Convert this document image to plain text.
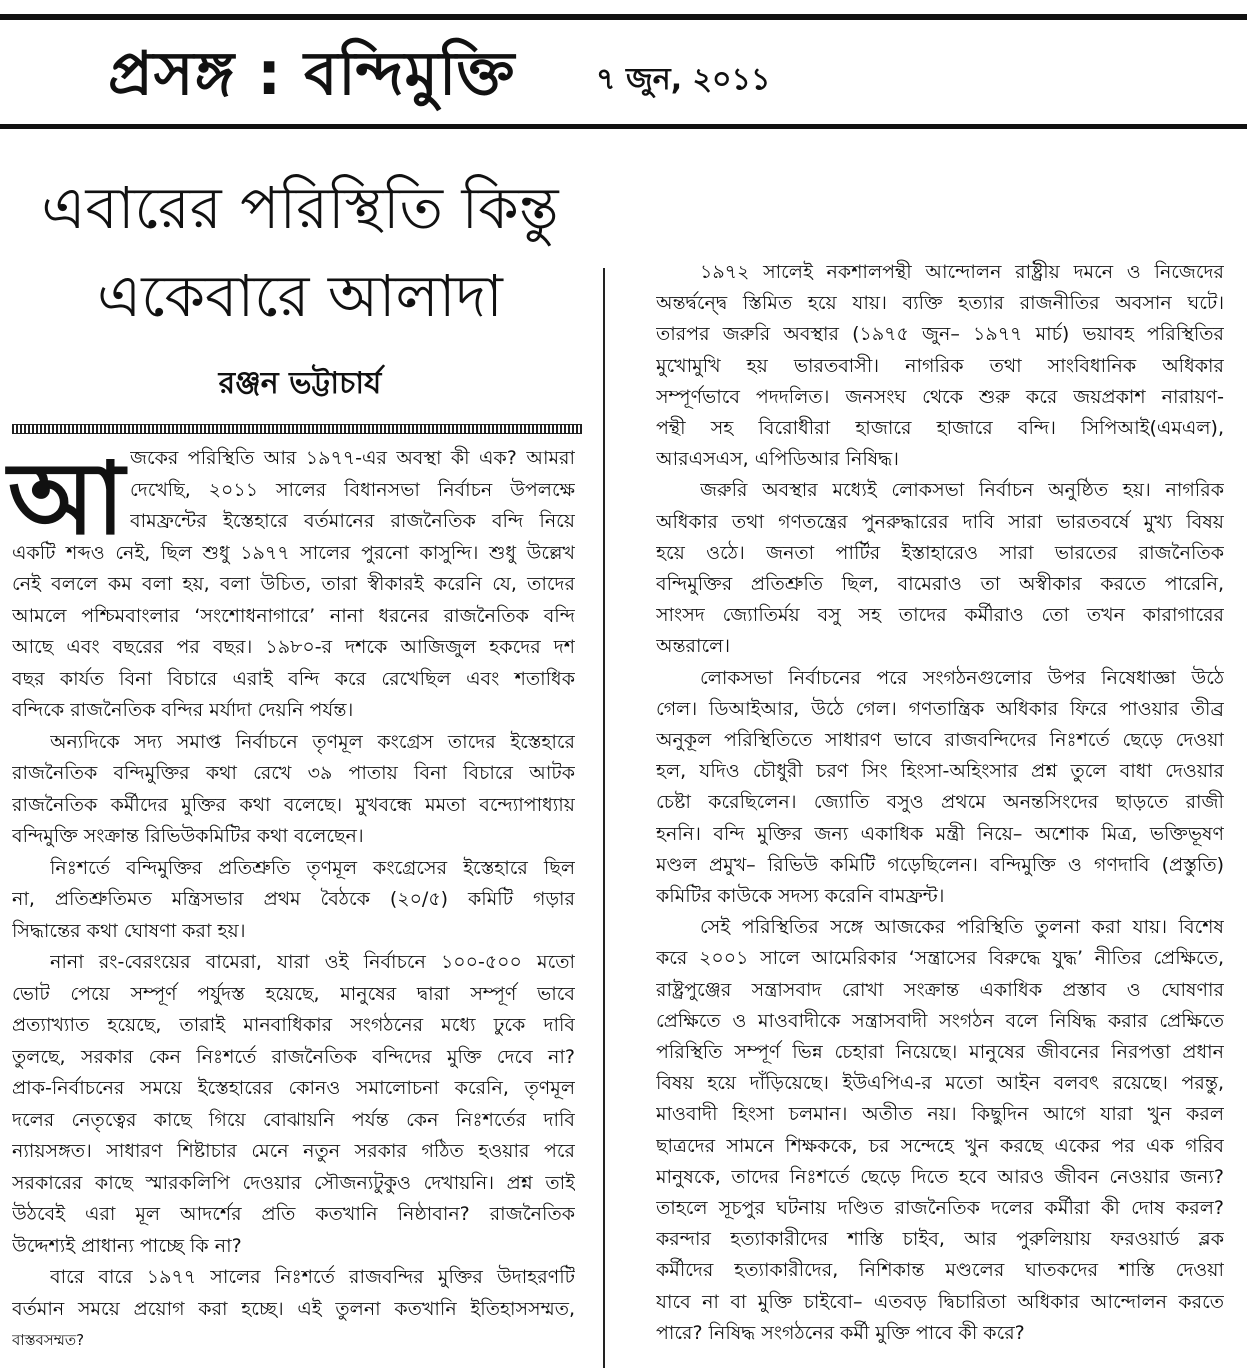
প্রসঙ্গ : বন্দিমুক্তি	৭ জুন, ২০১১
এবারের পরিস্থিতি কিন্তু
একেবারে আলাদা
রঞ্জন ভট্টাচার্য
আ জকের পরিস্থিতি আর ১৯৭৭-এর অবস্থা কী এক? আমরা

দেখেছি, ২০১১ সালের বিধানসভা নির্বাচন উপলক্ষে

বামফ্রন্টের ইস্তেহারে বর্তমানের রাজনৈতিক বন্দি নিয়ে

একটি শব্দও নেই, ছিল শুধু ১৯৭৭ সালের পুরনো কাসুন্দি। শুধু উল্লেখ

নেই বললে কম বলা হয়, বলা উচিত, তারা স্বীকারই করেনি যে, তাদের

আমলে পশ্চিমবাংলার ‘সংশোধনাগারে’ নানা ধরনের রাজনৈতিক বন্দি

আছে এবং বছরের পর বছর। ১৯৮০-র দশকে আজিজুল হকদের দশ

বছর কার্যত বিনা বিচারে এরাই বন্দি করে রেখেছিল এবং শতাধিক

বন্দিকে রাজনৈতিক বন্দির মর্যাদা দেয়নি পর্যন্ত।

অন্যদিকে সদ্য সমাপ্ত নির্বাচনে তৃণমূল কংগ্রেস তাদের ইস্তেহারে

রাজনৈতিক বন্দিমুক্তির কথা রেখে ৩৯ পাতায় বিনা বিচারে আটক

রাজনৈতিক কর্মীদের মুক্তির কথা বলেছে। মুখবন্ধে মমতা বন্দ্যোপাধ্যায়

বন্দিমুক্তি সংক্রান্ত রিভিউকমিটির কথা বলেছেন।

নিঃশর্তে বন্দিমুক্তির প্রতিশ্রুতি তৃণমূল কংগ্রেসের ইস্তেহারে ছিল

না, প্রতিশ্রুতিমত মন্ত্রিসভার প্রথম বৈঠকে (২০/৫) কমিটি গড়ার

সিদ্ধান্তের কথা ঘোষণা করা হয়।

নানা রং-বেরংয়ের বামেরা, যারা ওই নির্বাচনে ১০০-৫০০ মতো

ভোট পেয়ে সম্পূর্ণ পর্যুদস্ত হয়েছে, মানুষের দ্বারা সম্পূর্ণ ভাবে

প্রত্যাখ্যাত হয়েছে, তারাই মানবাধিকার সংগঠনের মধ্যে ঢুকে দাবি

তুলছে, সরকার কেন নিঃশর্তে রাজনৈতিক বন্দিদের মুক্তি দেবে না?

প্রাক-নির্বাচনের সময়ে ইস্তেহারের কোনও সমালোচনা করেনি, তৃণমূল

দলের নেতৃত্বের কাছে গিয়ে বোঝায়নি পর্যন্ত কেন নিঃশর্তের দাবি

ন্যায়সঙ্গত। সাধারণ শিষ্টাচার মেনে নতুন সরকার গঠিত হওয়ার পরে

সরকারের কাছে স্মারকলিপি দেওয়ার সৌজন্যটুকুও দেখায়নি। প্রশ্ন তাই

উঠবেই এরা মূল আদর্শের প্রতি কতখানি নিষ্ঠাবান? রাজনৈতিক

উদ্দেশ্যই প্রাধান্য পাচ্ছে কি না?

বারে বারে ১৯৭৭ সালের নিঃশর্তে রাজবন্দির মুক্তির উদাহরণটি

বর্তমান সময়ে প্রয়োগ করা হচ্ছে। এই তুলনা কতখানি ইতিহাসসম্মত,

বাস্তবসম্মত?

১৯৭২ সালেই নকশালপন্থী আন্দোলন রাষ্ট্রীয় দমনে ও নিজেদের

অন্তর্দ্বন্দ্বে স্তিমিত হয়ে যায়। ব্যক্তি হত্যার রাজনীতির অবসান ঘটে।

তারপর জরুরি অবস্থার (১৯৭৫ জুন– ১৯৭৭ মার্চ) ভয়াবহ পরিস্থিতির

মুখোমুখি হয় ভারতবাসী। নাগরিক তথা সাংবিধানিক অধিকার

সম্পূর্ণভাবে পদদলিত। জনসংঘ থেকে শুরু করে জয়প্রকাশ নারায়ণ-

পন্থী সহ বিরোধীরা হাজারে হাজারে বন্দি। সিপিআই(এমএল),

আরএসএস, এপিডিআর নিষিদ্ধ।

জরুরি অবস্থার মধ্যেই লোকসভা নির্বাচন অনুষ্ঠিত হয়। নাগরিক

অধিকার তথা গণতন্ত্রের পুনরুদ্ধারের দাবি সারা ভারতবর্ষে মুখ্য বিষয়

হয়ে ওঠে। জনতা পার্টির ইস্তাহারেও সারা ভারতের রাজনৈতিক

বন্দিমুক্তির প্রতিশ্রুতি ছিল, বামেরাও তা অস্বীকার করতে পারেনি,

সাংসদ জ্যোতির্ময় বসু সহ তাদের কর্মীরাও তো তখন কারাগারের

অন্তরালে।

লোকসভা নির্বাচনের পরে সংগঠনগুলোর উপর নিষেধাজ্ঞা উঠে

গেল। ডিআইআর, উঠে গেল। গণতান্ত্রিক অধিকার ফিরে পাওয়ার তীব্র

অনুকূল পরিস্থিতিতে সাধারণ ভাবে রাজবন্দিদের নিঃশর্তে ছেড়ে দেওয়া

হল, যদিও চৌধুরী চরণ সিং হিংসা-অহিংসার প্রশ্ন তুলে বাধা দেওয়ার

চেষ্টা করেছিলেন। জ্যোতি বসুও প্রথমে অনন্তসিংদের ছাড়তে রাজী

হননি। বন্দি মুক্তির জন্য একাধিক মন্ত্রী নিয়ে– অশোক মিত্র, ভক্তিভূষণ

মণ্ডল প্রমুখ– রিভিউ কমিটি গড়েছিলেন। বন্দিমুক্তি ও গণদাবি (প্রস্তুতি)

কমিটির কাউকে সদস্য করেনি বামফ্রন্ট।

সেই পরিস্থিতির সঙ্গে আজকের পরিস্থিতি তুলনা করা যায়। বিশেষ

করে ২০০১ সালে আমেরিকার ‘সন্ত্রাসের বিরুদ্ধে যুদ্ধ’ নীতির প্রেক্ষিতে,

রাষ্ট্রপুঞ্জের সন্ত্রাসবাদ রোখা সংক্রান্ত একাধিক প্রস্তাব ও ঘোষণার

প্রেক্ষিতে ও মাওবাদীকে সন্ত্রাসবাদী সংগঠন বলে নিষিদ্ধ করার প্রেক্ষিতে

পরিস্থিতি সম্পূর্ণ ভিন্ন চেহারা নিয়েছে। মানুষের জীবনের নিরপত্তা প্রধান

বিষয় হয়ে দাঁড়িয়েছে। ইউএপিএ-র মতো আইন বলবৎ রয়েছে। পরন্তু,

মাওবাদী হিংসা চলমান। অতীত নয়। কিছুদিন আগে যারা খুন করল

ছাত্রদের সামনে শিক্ষককে, চর সন্দেহে খুন করছে একের পর এক গরিব

মানুষকে, তাদের নিঃশর্তে ছেড়ে দিতে হবে আরও জীবন নেওয়ার জন্য?

তাহলে সূচপুর ঘটনায় দণ্ডিত রাজনৈতিক দলের কর্মীরা কী দোষ করল?

করন্দার হত্যাকারীদের শাস্তি চাইব, আর পুরুলিয়ায় ফরওয়ার্ড ব্লক

কর্মীদের হত্যাকারীদের, নিশিকান্ত মণ্ডলের ঘাতকদের শাস্তি দেওয়া

যাবে না বা মুক্তি চাইবো– এতবড় দ্বিচারিতা অধিকার আন্দোলন করতে

পারে? নিষিদ্ধ সংগঠনের কর্মী মুক্তি পাবে কী করে?
